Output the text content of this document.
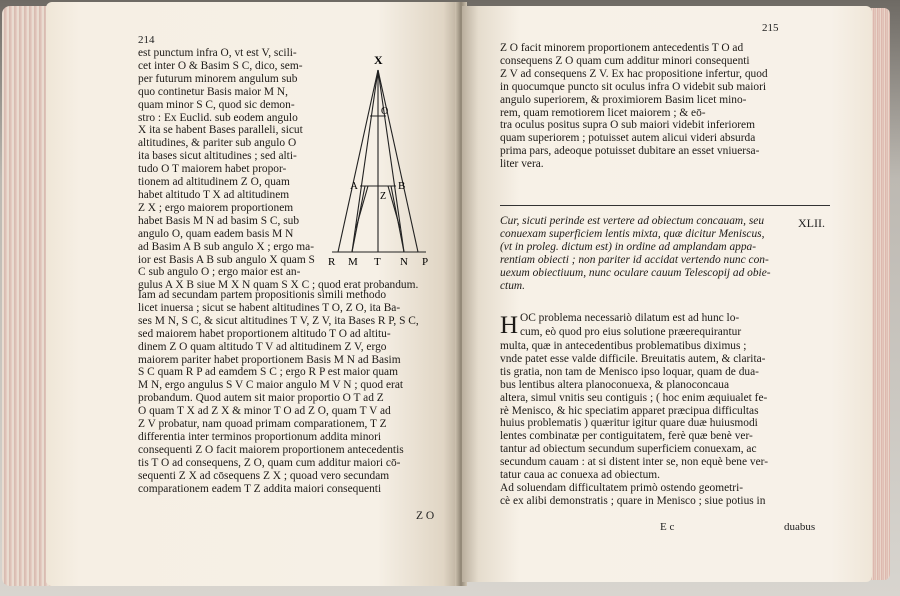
214
est punctum infra O, vt est V, scili-
cet inter O & Basim S C, dico, sem-
per futurum minorem angulum sub
quo continetur Basis maior M N,
quam minor S C, quod sic demon-
stro : Ex Euclid. sub eodem angulo
X ita se habent Bases paralleli, sicut
altitudines, & pariter sub angulo O
ita bases sicut altitudines ; sed alti-
tudo O T maiorem habet propor-
tionem ad altitudinem Z O, quam
habet altitudo T X ad altitudinem
Z X ; ergo maiorem proportionem
habet Basis M N ad basim S C, sub
angulo O, quam eadem basis M N
ad Basim A B sub angulo X ; ergo ma-
ior est Basis A B sub angulo X quam S
C sub angulo O ; ergo maior est an-
gulus A X B siue M X N quam S X C ; quod erat probandum.
X
O
A	B
Z
R M T N P
Iam ad secundam partem propositionis simili methodo
licet inuersa ; sicut se habent altitudines T O, Z O, ita Ba-
ses M N, S C, & sicut altitudines T V, Z V, ita Bases R P, S C,
sed maiorem habet proportionem altitudo T O ad altitu-
dinem Z O quam altitudo T V ad altitudinem Z V, ergo
maiorem pariter habet proportionem Basis M N ad Basim
S C quam R P ad eamdem S C ; ergo R P est maior quam
M N, ergo angulus S V C maior angulo M V N ; quod erat
probandum. Quod autem sit maior proportio O T ad Z
O quam T X ad Z X & minor T O ad Z O, quam T V ad
Z V probatur, nam quoad primam comparationem, T Z
differentia inter terminos proportionum addita minori
consequenti Z O facit maiorem proportionem antecedentis
tis T O ad consequens, Z O, quam cum additur maiori cō-
sequenti Z X ad cōsequens Z X ; quoad vero secundam
comparationem eadem T Z addita maiori consequenti
Z O
215
Z O facit minorem proportionem antecedentis T O ad
consequens Z O quam cum additur minori consequenti
Z V ad consequens Z V. Ex hac propositione infertur, quod
in quocumque puncto sit oculus infra O videbit sub maiori
angulo superiorem, & proximiorem Basim licet mino-
rem, quam remotiorem licet maiorem ; & eō-
tra oculus positus supra O sub maiori videbit inferiorem
quam superiorem ; potuisset autem alicui videri absurda
prima pars, adeoque potuisset dubitare an esset vniuersa-
liter vera.
Cur, sicuti perinde est vertere ad obiectum concauam, seu
conuexam superficiem lentis mixta, quæ dicitur Meniscus,
(vt in proleg. dictum est) in ordine ad amplandam appa-
rentiam obiecti ; non pariter id accidat vertendo nunc con-
uexum obiectiuum, nunc oculare cauum Telescopij ad obie-
ctum.
XLII.
H OC problema necessariò dilatum est ad hunc lo-
cum, eò quod pro eius solutione præerequirantur
multa, quæ in antecedentibus problematibus diximus ;
vnde patet esse valde difficile. Breuitatis autem, & clarita-
tis gratia, non tam de Menisco ipso loquar, quam de dua-
bus lentibus altera planoconuexa, & planoconcaua
altera, simul vnitis seu contiguis ; ( hoc enim æquiualet fe-
rè Menisco, & hic speciatim apparet præcipua difficultas
huius problematis ) quæritur igitur quare duæ huiusmodi
lentes combinatæ per contiguitatem, ferè quæ benè ver-
tantur ad obiectum secundum superficiem conuexam, ac
secundum cauam : at si distent inter se, non equè bene ver-
tatur caua ac conuexa ad obiectum.
Ad soluendam difficultatem primò ostendo geometri-
cè ex alibi demonstratis ; quare in Menisco ; siue potius in
E c	duabus
